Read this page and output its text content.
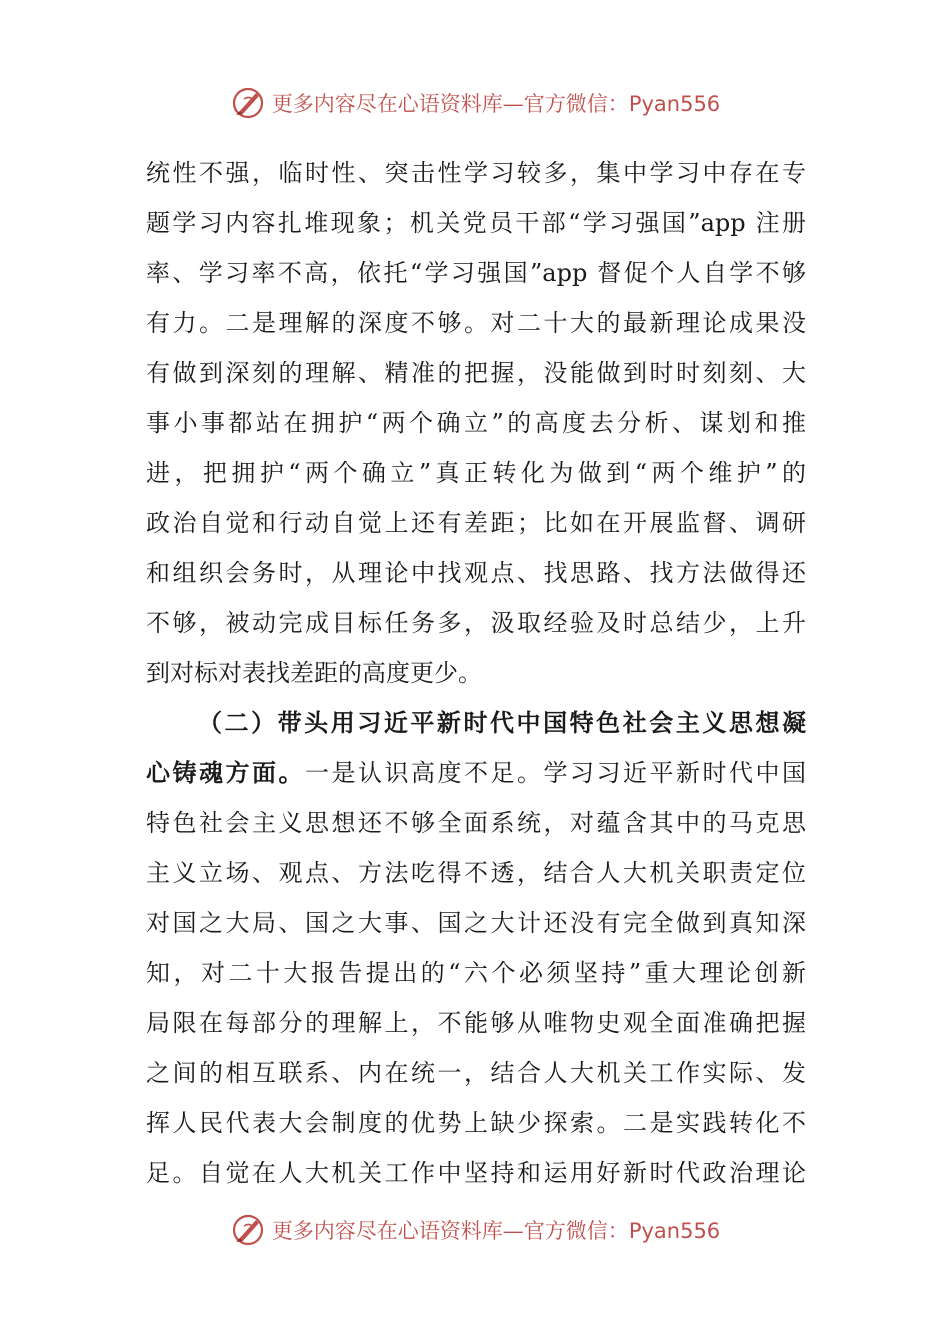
更多内容尽在心语资料库—官方微信：Pyan556
统性不强，临时性、突击性学习较多，集中学习中存在专
题学习内容扎堆现象；机关党员干部“学习强国”app 注册
率、学习率不高，依托“学习强国”app 督促个人自学不够
有力。二是理解的深度不够。对二十大的最新理论成果没
有做到深刻的理解、精准的把握，没能做到时时刻刻、大
事小事都站在拥护“两个确立”的高度去分析、谋划和推
进，把拥护“两个确立”真正转化为做到“两个维护”的
政治自觉和行动自觉上还有差距；比如在开展监督、调研
和组织会务时，从理论中找观点、找思路、找方法做得还
不够，被动完成目标任务多，汲取经验及时总结少，上升
到对标对表找差距的高度更少。
（二）带头用习近平新时代中国特色社会主义思想凝
心铸魂方面。一是认识高度不足。学习习近平新时代中国
特色社会主义思想还不够全面系统，对蕴含其中的马克思
主义立场、观点、方法吃得不透，结合人大机关职责定位
对国之大局、国之大事、国之大计还没有完全做到真知深
知，对二十大报告提出的“六个必须坚持”重大理论创新
局限在每部分的理解上，不能够从唯物史观全面准确把握
之间的相互联系、内在统一，结合人大机关工作实际、发
挥人民代表大会制度的优势上缺少探索。二是实践转化不
足。自觉在人大机关工作中坚持和运用好新时代政治理论
更多内容尽在心语资料库—官方微信：Pyan556
